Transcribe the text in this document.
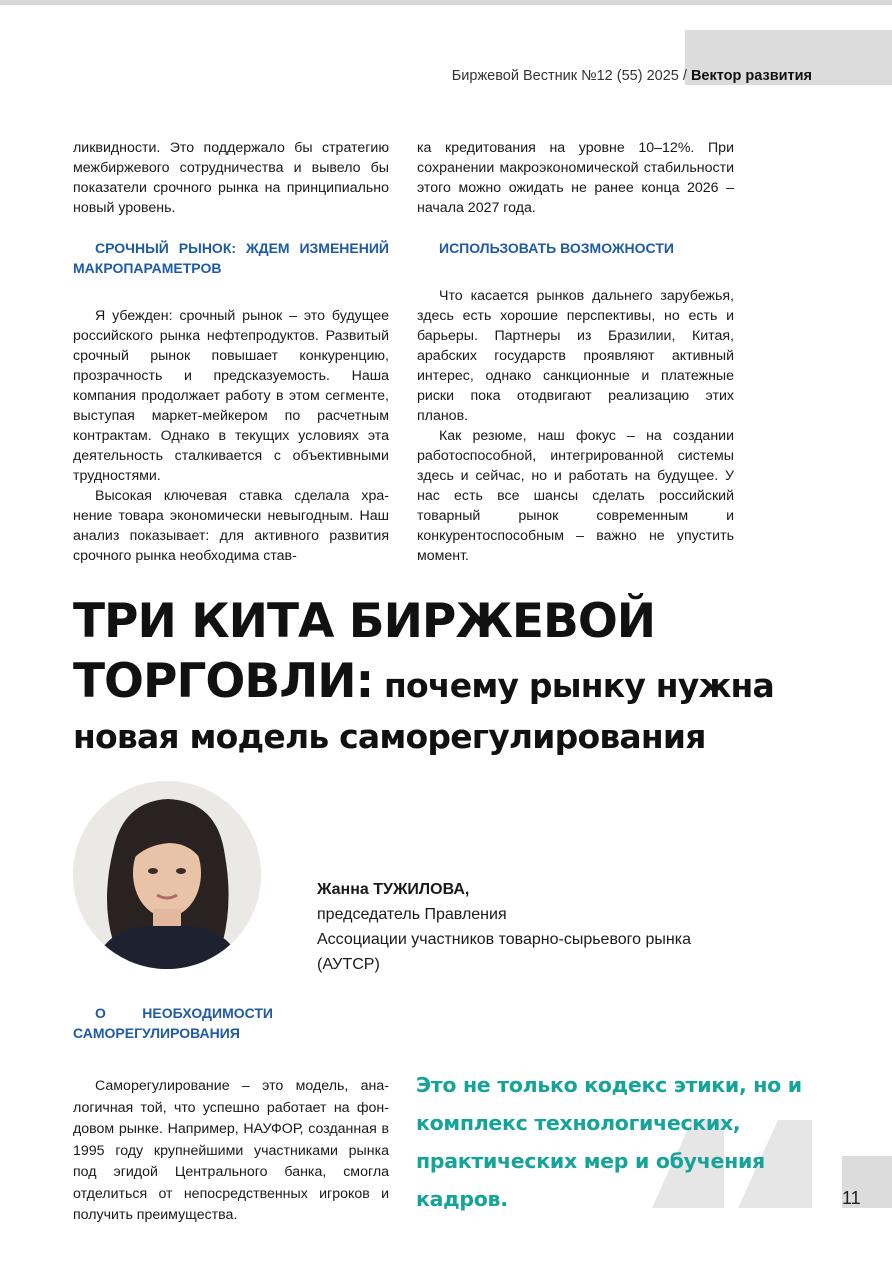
Биржевой Вестник №12 (55) 2025 / Вектор развития

ликвидности. Это поддержало бы стратегию межбиржевого сотрудничества и вывело бы показатели срочного рынка на принципиально новый уровень.

СРОЧНЫЙ РЫНОК: ЖДЕМ ИЗМЕНЕНИЙ МАКРОПАРАМЕТРОВ

Я убежден: срочный рынок – это будущее российского рынка нефтепродуктов. Развитый срочный рынок повышает конкуренцию, прозрачность и предсказуемость. Наша компания продолжает работу в этом сегменте, выступая маркет-мейкером по расчетным контрактам. Однако в текущих условиях эта деятельность сталкивается с объективными трудностями.

Высокая ключевая ставка сделала хранение товара экономически невыгодным. Наш анализ показывает: для активного развития срочного рынка необходима став-

ка кредитования на уровне 10–12%. При сохранении макроэкономической стабильности этого можно ожидать не ранее конца 2026 – начала 2027 года.

ИСПОЛЬЗОВАТЬ ВОЗМОЖНОСТИ

Что касается рынков дальнего зарубежья, здесь есть хорошие перспективы, но есть и барьеры. Партнеры из Бразилии, Китая, арабских государств проявляют активный интерес, однако санкционные и платежные риски пока отодвигают реализацию этих планов.

Как резюме, наш фокус – на создании работоспособной, интегрированной системы здесь и сейчас, но и работать на будущее. У нас есть все шансы сделать российский товарный рынок современным и конкурентоспособным – важно не упустить момент.

ТРИ КИТА БИРЖЕВОЙ
ТОРГОВЛИ: почему рынку нужна
новая модель саморегулирования
Жанна ТУЖИЛОВА,
председатель Правления
Ассоциации участников товарно-сырьевого рынка
(АУТСР)

О НЕОБХОДИМОСТИ САМОРЕГУЛИРОВАНИЯ

Саморегулирование – это модель, аналогичная той, что успешно работает на фондовом рынке. Например, НАУФОР, созданная в 1995 году крупнейшими участниками рынка под эгидой Центрального банка, смогла отделиться от непосредственных игроков и получить преимущества.

Это не только кодекс этики, но и комплекс технологических, практических мер и обучения кадров.	11
